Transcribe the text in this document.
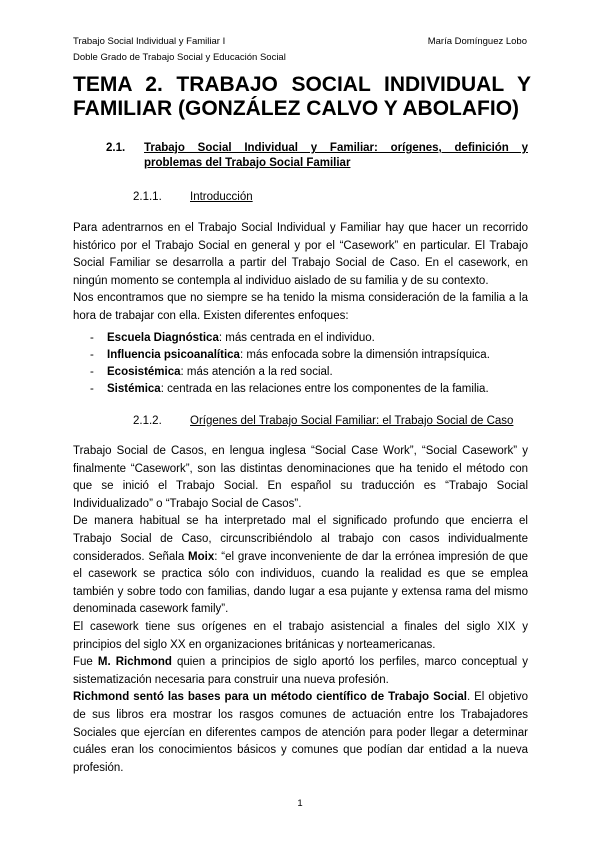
Trabajo Social Individual y Familiar I	María Domínguez Lobo
Doble Grado de Trabajo Social y Educación Social
TEMA 2. TRABAJO SOCIAL INDIVIDUAL Y FAMILIAR (GONZÁLEZ CALVO Y ABOLAFIO)
2.1. Trabajo Social Individual y Familiar: orígenes, definición y
problemas del Trabajo Social Familiar
2.1.1. Introducción

Para adentrarnos en el Trabajo Social Individual y Familiar hay que hacer un recorrido histórico por el Trabajo Social en general y por el “Casework” en particular. El Trabajo Social Familiar se desarrolla a partir del Trabajo Social de Caso. En el casework, en ningún momento se contempla al individuo aislado de su familia y de su contexto.

Nos encontramos que no siempre se ha tenido la misma consideración de la familia a la hora de trabajar con ella. Existen diferentes enfoques:

- Escuela Diagnóstica: más centrada en el individuo.
- Influencia psicoanalítica: más enfocada sobre la dimensión intrapsíquica.
- Ecosistémica: más atención a la red social.
- Sistémica: centrada en las relaciones entre los componentes de la familia.
2.1.2. Orígenes del Trabajo Social Familiar: el Trabajo Social de Caso

Trabajo Social de Casos, en lengua inglesa “Social Case Work”, “Social Casework” y finalmente “Casework”, son las distintas denominaciones que ha tenido el método con que se inició el Trabajo Social. En español su traducción es “Trabajo Social Individualizado” o “Trabajo Social de Casos”.

De manera habitual se ha interpretado mal el significado profundo que encierra el Trabajo Social de Caso, circunscribiéndolo al trabajo con casos individualmente considerados. Señala Moix: “el grave inconveniente de dar la errónea impresión de que el casework se practica sólo con individuos, cuando la realidad es que se emplea también y sobre todo con familias, dando lugar a esa pujante y extensa rama del mismo denominada casework family”.

El casework tiene sus orígenes en el trabajo asistencial a finales del siglo XIX y principios del siglo XX en organizaciones británicas y norteamericanas.

Fue M. Richmond quien a principios de siglo aportó los perfiles, marco conceptual y sistematización necesaria para construir una nueva profesión.

Richmond sentó las bases para un método científico de Trabajo Social. El objetivo de sus libros era mostrar los rasgos comunes de actuación entre los Trabajadores Sociales que ejercían en diferentes campos de atención para poder llegar a determinar cuáles eran los conocimientos básicos y comunes que podían dar entidad a la nueva profesión.

1
